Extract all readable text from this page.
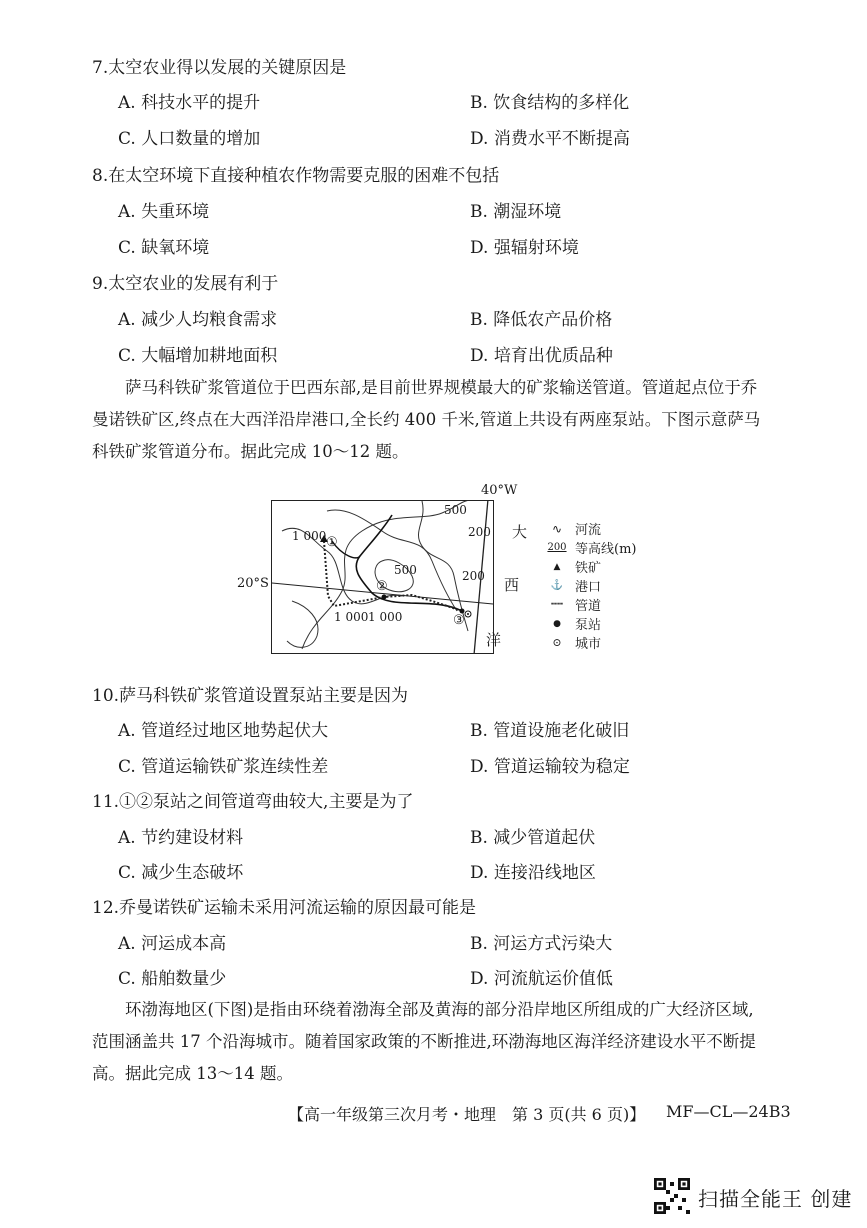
7.太空农业得以发展的关键原因是
A. 科技水平的提升	B. 饮食结构的多样化
C. 人口数量的增加	D. 消费水平不断提高
8.在太空环境下直接种植农作物需要克服的困难不包括
A. 失重环境	B. 潮湿环境
C. 缺氧环境	D. 强辐射环境
9.太空农业的发展有利于
A. 减少人均粮食需求	B. 降低农产品价格
C. 大幅增加耕地面积	D. 培育出优质品种

萨马科铁矿浆管道位于巴西东部,是目前世界规模最大的矿浆输送管道。管道起点位于乔

曼诺铁矿区,终点在大西洋沿岸港口,全长约 400 千米,管道上共设有两座泵站。下图示意萨马
科铁矿浆管道分布。据此完成 10～12 题。
40°W
20°S
500
200
1 000
500	200
1 000 1 000
大
西
洋
①
②
③
∿ 河流
200 等高线(m)
▲	铁矿
⚓ 港口
┅┅ 管道
●	泵站
⊙	城市
10.萨马科铁矿浆管道设置泵站主要是因为
A. 管道经过地区地势起伏大	B. 管道设施老化破旧
C. 管道运输铁矿浆连续性差	D. 管道运输较为稳定
11.①②泵站之间管道弯曲较大,主要是为了
A. 节约建设材料	B. 减少管道起伏
C. 减少生态破坏	D. 连接沿线地区
12.乔曼诺铁矿运输未采用河流运输的原因最可能是
A. 河运成本高	B. 河运方式污染大
C. 船舶数量少	D. 河流航运价值低

环渤海地区(下图)是指由环绕着渤海全部及黄海的部分沿岸地区所组成的广大经济区域,

范围涵盖共 17 个沿海城市。随着国家政策的不断推进,环渤海地区海洋经济建设水平不断提
高。据此完成 13～14 题。
【高一年级第三次月考・地理　第 3 页(共 6 页)】 MF—CL—24B3
扫描全能王 创建
